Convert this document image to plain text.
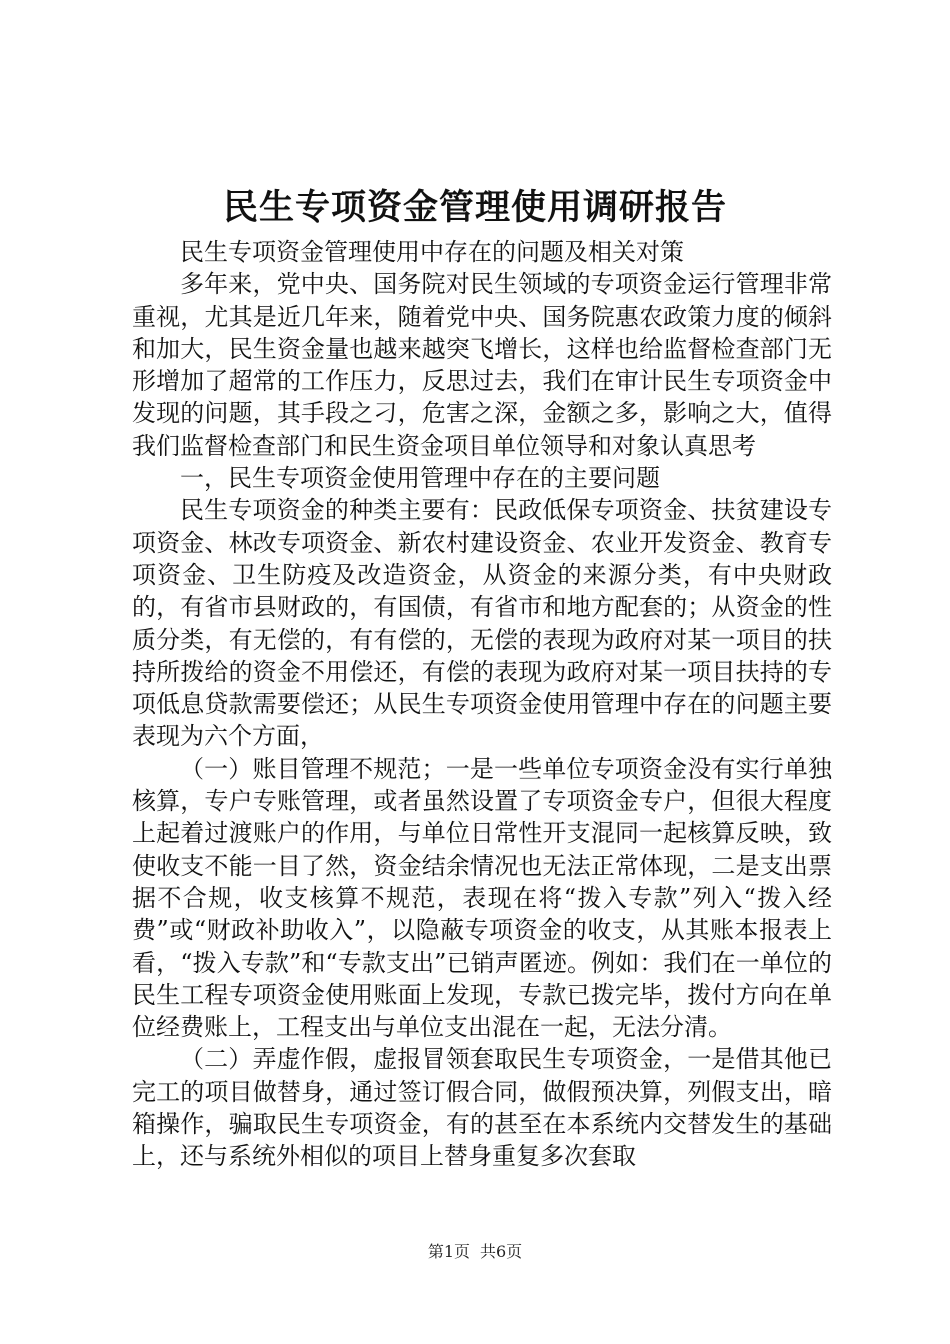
民生专项资金管理使用调研报告

民生专项资金管理使用中存在的问题及相关对策

多年来，党中央、国务院对民生领域的专项资金运行管理非常重视，尤其是近几年来，随着党中央、国务院惠农政策力度的倾斜和加大，民生资金量也越来越突飞增长，这样也给监督检查部门无形增加了超常的工作压力，反思过去，我们在审计民生专项资金中发现的问题，其手段之刁，危害之深，金额之多，影响之大，值得我们监督检查部门和民生资金项目单位领导和对象认真思考

一，民生专项资金使用管理中存在的主要问题

民生专项资金的种类主要有：民政低保专项资金、扶贫建设专项资金、林改专项资金、新农村建设资金、农业开发资金、教育专项资金、卫生防疫及改造资金，从资金的来源分类，有中央财政的，有省市县财政的，有国债，有省市和地方配套的；从资金的性质分类，有无偿的，有有偿的，无偿的表现为政府对某一项目的扶持所拨给的资金不用偿还，有偿的表现为政府对某一项目扶持的专项低息贷款需要偿还；从民生专项资金使用管理中存在的问题主要表现为六个方面，

（一）账目管理不规范；一是一些单位专项资金没有实行单独核算，专户专账管理，或者虽然设置了专项资金专户，但很大程度上起着过渡账户的作用，与单位日常性开支混同一起核算反映，致使收支不能一目了然，资金结余情况也无法正常体现，二是支出票据不合规，收支核算不规范，表现在将“拨入专款”列入“拨入经费”或“财政补助收入”，以隐蔽专项资金的收支，从其账本报表上看，“拨入专款”和“专款支出”已销声匿迹。例如：我们在一单位的民生工程专项资金使用账面上发现，专款已拨完毕，拨付方向在单位经费账上，工程支出与单位支出混在一起，无法分清。

（二）弄虚作假，虚报冒领套取民生专项资金，一是借其他已完工的项目做替身，通过签订假合同，做假预决算，列假支出，暗箱操作，骗取民生专项资金，有的甚至在本系统内交替发生的基础上，还与系统外相似的项目上替身重复多次套取

第1页 共6页
